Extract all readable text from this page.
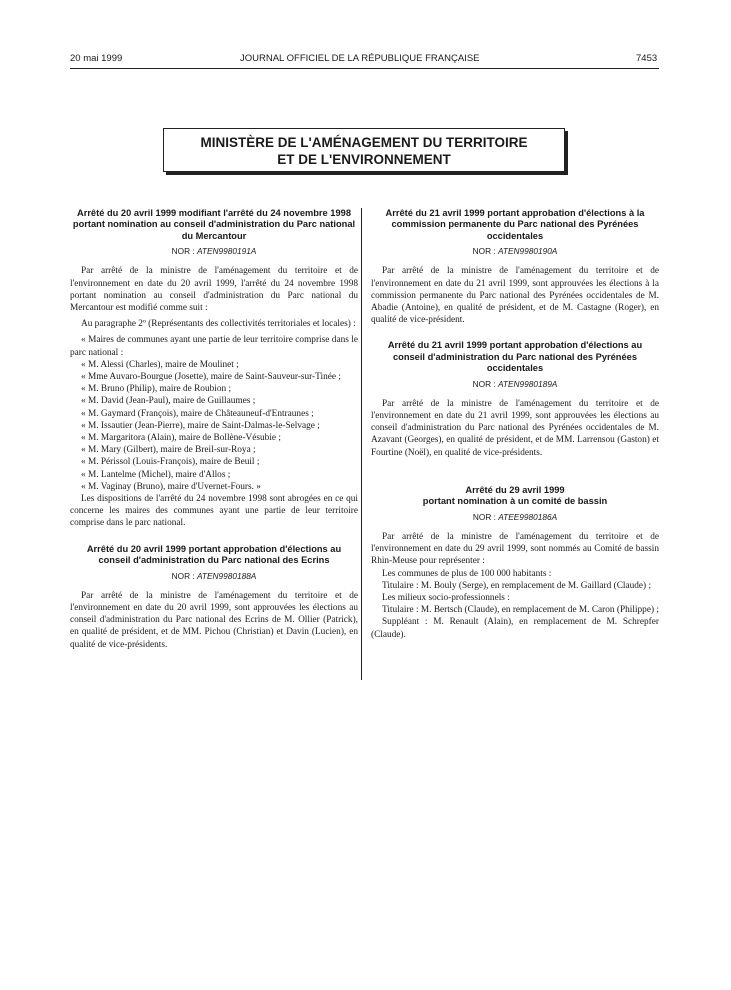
20 mai 1999	JOURNAL OFFICIEL DE LA RÉPUBLIQUE FRANÇAISE	7453
MINISTÈRE DE L'AMÉNAGEMENT DU TERRITOIRE
ET DE L'ENVIRONNEMENT
Arrêté du 20 avril 1999 modifiant l'arrêté du 24 novembre 1998 portant nomination au conseil d'administration du Parc national du Mercantour
NOR : ATEN9980191A

Par arrêté de la ministre de l'aménagement du territoire et de l'environnement en date du 20 avril 1999, l'arrêté du 24 novembre 1998 portant nomination au conseil d'administration du Parc national du Mercantour est modifié comme suit :

Au paragraphe 2º (Représentants des collectivités territoriales et locales) :

« Maires de communes ayant une partie de leur territoire comprise dans le parc national :

« M. Alessi (Charles), maire de Moulinet ;

« Mme Auvaro-Bourgue (Josette), maire de Saint-Sauveur-sur-Tinée ;

« M. Bruno (Philip), maire de Roubion ;

« M. David (Jean-Paul), maire de Guillaumes ;

« M. Gaymard (François), maire de Châteauneuf-d'Entraunes ;

« M. Issautier (Jean-Pierre), maire de Saint-Dalmas-le-Selvage ;

« M. Margaritora (Alain), maire de Bollène-Vésubie ;

« M. Mary (Gilbert), maire de Breil-sur-Roya ;

« M. Périssol (Louis-François), maire de Beuil ;

« M. Lantelme (Michel), maire d'Allos ;

« M. Vaginay (Bruno), maire d'Uvernet-Fours. »

Les dispositions de l'arrêté du 24 novembre 1998 sont abrogées en ce qui concerne les maires des communes ayant une partie de leur territoire comprise dans le parc national.

Arrêté du 20 avril 1999 portant approbation d'élections au conseil d'administration du Parc national des Ecrins
NOR : ATEN9980188A

Par arrêté de la ministre de l'aménagement du territoire et de l'environnement en date du 20 avril 1999, sont approuvées les élections au conseil d'administration du Parc national des Ecrins de M. Ollier (Patrick), en qualité de président, et de MM. Pichou (Christian) et Davin (Lucien), en qualité de vice-présidents.

Arrêté du 21 avril 1999 portant approbation d'élections à la commission permanente du Parc national des Pyrénées occidentales
NOR : ATEN9980190A

Par arrêté de la ministre de l'aménagement du territoire et de l'environnement en date du 21 avril 1999, sont approuvées les élections à la commission permanente du Parc national des Pyrénées occidentales de M. Abadie (Antoine), en qualité de président, et de M. Castagne (Roger), en qualité de vice-président.

Arrêté du 21 avril 1999 portant approbation d'élections au conseil d'administration du Parc national des Pyrénées occidentales
NOR : ATEN9980189A

Par arrêté de la ministre de l'aménagement du territoire et de l'environnement en date du 21 avril 1999, sont approuvées les élections au conseil d'administration du Parc national des Pyrénées occidentales de M. Azavant (Georges), en qualité de président, et de MM. Larrensou (Gaston) et Fourtine (Noël), en qualité de vice-présidents.

Arrêté du 29 avril 1999
portant nomination à un comité de bassin
NOR : ATEE9980186A

Par arrêté de la ministre de l'aménagement du territoire et de l'environnement en date du 29 avril 1999, sont nommés au Comité de bassin Rhin-Meuse pour représenter :

Les communes de plus de 100 000 habitants :

Titulaire : M. Bouly (Serge), en remplacement de M. Gaillard (Claude) ;

Les milieux socio-professionnels :

Titulaire : M. Bertsch (Claude), en remplacement de M. Caron (Philippe) ;

Suppléant : M. Renault (Alain), en remplacement de M. Schrepfer (Claude).
